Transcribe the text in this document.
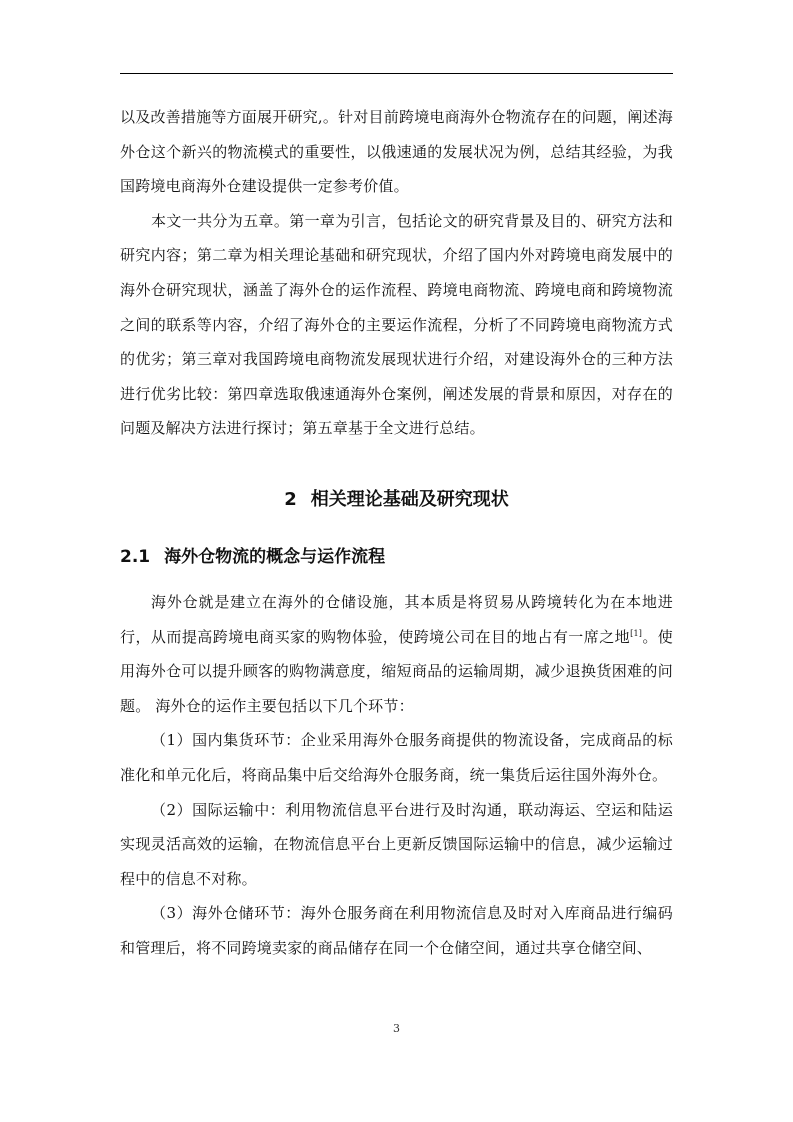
以及改善措施等方面展开研究,。针对目前跨境电商海外仓物流存在的问题，阐述海外仓这个新兴的物流模式的重要性，以俄速通的发展状况为例，总结其经验，为我国跨境电商海外仓建设提供一定参考价值。

本文一共分为五章。第一章为引言，包括论文的研究背景及目的、研究方法和研究内容；第二章为相关理论基础和研究现状，介绍了国内外对跨境电商发展中的海外仓研究现状，涵盖了海外仓的运作流程、跨境电商物流、跨境电商和跨境物流之间的联系等内容，介绍了海外仓的主要运作流程，分析了不同跨境电商物流方式的优劣；第三章对我国跨境电商物流发展现状进行介绍，对建设海外仓的三种方法进行优劣比较：第四章选取俄速通海外仓案例，阐述发展的背景和原因，对存在的问题及解决方法进行探讨；第五章基于全文进行总结。

2 相关理论基础及研究现状
2.1 海外仓物流的概念与运作流程

海外仓就是建立在海外的仓储设施，其本质是将贸易从跨境转化为在本地进行，从而提高跨境电商买家的购物体验，使跨境公司在目的地占有一席之地[1]。使用海外仓可以提升顾客的购物满意度，缩短商品的运输周期，减少退换货困难的问题。 海外仓的运作主要包括以下几个环节：

（1）国内集货环节：企业采用海外仓服务商提供的物流设备，完成商品的标准化和单元化后，将商品集中后交给海外仓服务商，统一集货后运往国外海外仓。

（2）国际运输中：利用物流信息平台进行及时沟通，联动海运、空运和陆运实现灵活高效的运输，在物流信息平台上更新反馈国际运输中的信息，减少运输过程中的信息不对称。

（3）海外仓储环节：海外仓服务商在利用物流信息及时对入库商品进行编码和管理后，将不同跨境卖家的商品储存在同一个仓储空间，通过共享仓储空间、

3
